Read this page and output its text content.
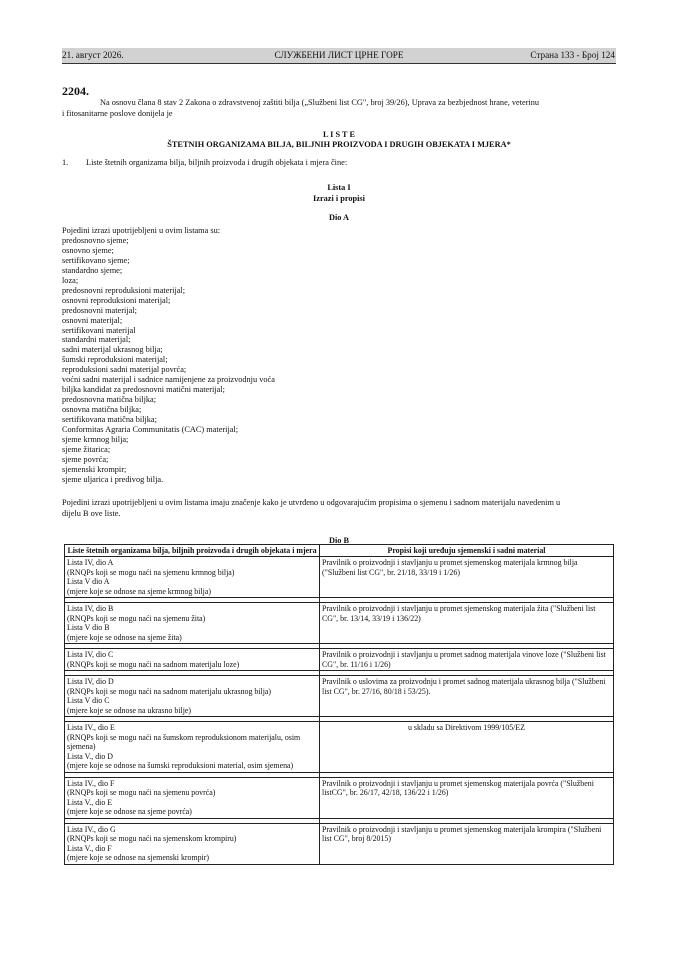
21. август 2026.	СЛУЖБЕНИ ЛИСТ ЦРНЕ ГОРЕ	Страна 133 - Број 124
2204.
Na osnovu člana 8 stav 2 Zakona o zdravstvenoj zaštiti bilja („Službeni list CG", broj 39/26), Uprava za bezbjednost hrane, veterinu
i fitosanitarne poslove donijela je
L I S T E
ŠTETNIH ORGANIZAMA BILJA, BILJNIH PROIZVODA I DRUGIH OBJEKATA I MJERA*
1. Liste štetnih organizama bilja, biljnih proizvoda i drugih objekata i mjera čine:
Lista I
Izrazi i propisi
Dio A
Pojedini izrazi upotrijebljeni u ovim listama su:
predosnovno sjeme;
osnovno sjeme;
sertifikovano sjeme;
standardno sjeme;
loza;
predosnovni reproduksioni materijal;
osnovni reproduksioni materijal;
predosnovni materijal;
osnovni materijal;
sertifikovani materijal
standardni materijal;
sadni materijal ukrasnog bilja;
šumski reproduksioni materijal;
reproduksioni sadni materijal povrća;
voćni sadni materijal i sadnice namijenjene za proizvodnju voća
biljka kandidat za predosnovni matični materijal;
predosnovna matična biljka;
osnovna matična biljka;
sertifikovana matična biljka;
Conformitas Agraria Communitatis (CAC) materijal;
sjeme krmnog bilja;
sjeme žitarica;
sjeme povrća;
sjemenski krompir;
sjeme uljarica i predivog bilja.
Pojedini izrazi upotrijebljeni u ovim listama imaju značenje kako je utvrđeno u odgovarajućim propisima o sjemenu i sadnom materijalu navedenim u
dijelu B ove liste.
Dio B
Liste štetnih organizama bilja, biljnih proizvoda i drugih objekata i mjera	Propisi koji uređuju sjemenski i sadni material

Lista IV, dio A
(RNQPs koji se mogu naći na sjemenu krmnog bilja)
Lista V dio A
(mjere koje se odnose na sjeme krmnog bilja)	Pravilnik o proizvodnji i stavljanju u promet sjemenskog materijala krmnog bilja ("Službeni list CG", br. 21/18, 33/19 i 1/26)

Lista IV, dio B
(RNQPs koji se mogu naći na sjemenu žita)
Lista V dio B
(mjere koje se odnose na sjeme žita)	Pravilnik o proizvodnji i stavljanju u promet sjemenskog materijala žita ("Službeni list CG", br. 13/14, 33/19 i 136/22)

Lista IV, dio C
(RNQPs koji se mogu naći na sadnom materijalu loze)	Pravilnik o proizvodnji i stavljanju u promet sadnog materijala vinove loze ("Službeni list CG", br. 11/16 i 1/26)

Lista IV, dio D
(RNQPs koji se mogu naći na sadnom materijalu ukrasnog bilja)
Lista V dio C
(mjere koje se odnose na ukrasno bilje)	Pravilnik o uslovima za proizvodnju i promet sadnog materijala ukrasnog bilja ("Službeni list CG", br. 27/16, 80/18 i 53/25).

Lista IV., dio E
(RNQPs koji se mogu naći na šumskom reproduksionom materijalu, osim sjemena)
Lista V., dio D
(mjere koje se odnose na šumski reproduksioni material, osim sjemena)	u skladu sa Direktivom 1999/105/EZ

Lista IV., dio F
(RNQPs koji se mogu naći na sjemenu povrća)
Lista V., dio E
(mjere koje se odnose na sjeme povrća)	Pravilnik o proizvodnji i stavljanju u promet sjemenskog materijala povrća ("Službeni listCG", br. 26/17, 42/18, 136/22 i 1/26)

Lista IV., dio G
(RNQPs koji se mogu naći na sjemenskom krompiru)
Lista V., dio F
(mjere koje se odnose na sjemenski krompir)	Pravilnik o proizvodnji i stavljanju u promet sjemenskog materijala krompira ("Službeni list CG", broj 8/2015)
